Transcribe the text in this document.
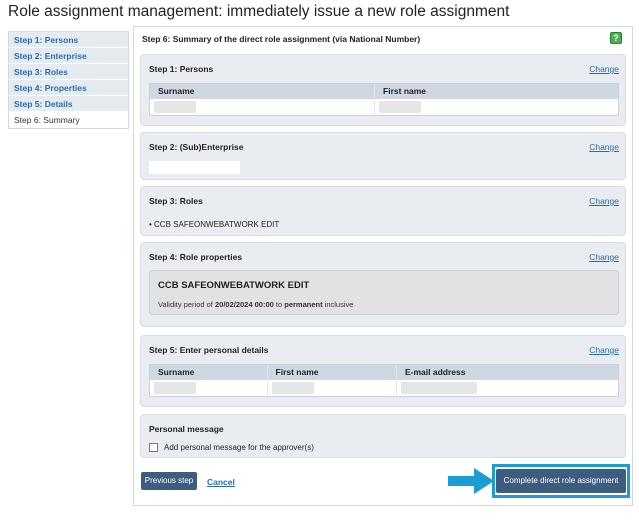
Role assignment management: immediately issue a new role assignment
Step 1: Persons
Step 2: Enterprise
Step 3: Roles
Step 4: Properties
Step 5: Details
Step 6: Summary
Step 6: Summary of the direct role assignment (via National Number)	?
Step 1: Persons	Change
Surname	First name
Step 2: (Sub)Enterprise	Change
Step 3: Roles	Change
• CCB SAFEONWEBATWORK EDIT
Step 4: Role properties	Change
CCB SAFEONWEBATWORK EDIT
Validity period of 20/02/2024 00:00 to permanent inclusive
Step 5: Enter personal details	Change
Surname	First name	E-mail address
Personal message
Add personal message for the approver(s)
Previous step	Cancel	Complete direct role assignment
